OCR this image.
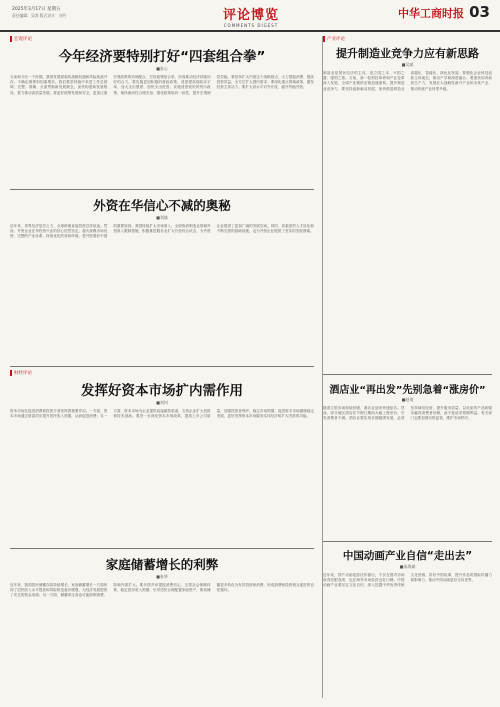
2025年3月17日 星期五
责任编辑：吴涛 版式设计：刘丹	评论博览
COMMENTS DIGEST
中华工商时报 03
宏观评论
今年经济要特别打好“四套组合拳”
■张心
当前和今后一个时期，我国发展面临的战略机遇和风险挑战并存，不确定难预料因素增多。我们要坚持稳中求进工作总基调，完整、准确、全面贯彻新发展理念，加快构建新发展格局，着力推动高质量发展。要更好统筹发展和安全，更加注重宏观政策的协调配合，打好政策组合拳，形成推动经济持续向好的合力。要实施更加积极的财政政策，适度提高财政赤字率，加大支出强度、加快支出进度；实施适度宽松的货币政策，保持流动性合理充裕；强化政策取向一致性，提升宏观调控效能。要坚持扩大内需这个战略基点，大力提振消费、提高投资效益，全方位扩大国内需求；要深化重点领域改革，激发经营主体活力；要扩大高水平对外开放，稳外贸稳外资。
外资在华信心不减的奥秘
■刘斌
近年来，世界经济复苏乏力，全球跨境直接投资总体低迷。然而，外资企业在华投资兴业的信心依然坚定。超大规模市场优势、完整的产业体系、持续优化的营商环境，是外资看好中国的重要原因。我国持续扩大市场准入，全面取消制造业领域外资准入限制措施，积极推进服务业扩大开放综合试点，为外资企业提供了更加广阔的发展空间。同时，高素质的人才队伍和不断完善的基础设施，也为外资企业提供了坚实的发展基础。
财经评论
发挥好资本市场扩内需作用
■刘钊
资本市场在促进消费和投资方面发挥着重要作用。一方面，资本市场通过财富效应提升居民收入预期，从而促进消费；另一方面，资本市场为企业提供直接融资渠道，支持企业扩大投资和技术创新。要进一步深化资本市场改革，提高上市公司质量，加强投资者保护，稳定市场预期，促进资本市场健康稳定发展，更好发挥资本市场服务实体经济和扩大内需的功能。
家庭储蓄增长的利弊
■张华
近年来，我国居民储蓄存款持续增长。家庭储蓄增长一方面体现了居民收入水平提高和风险防范意识增强，为经济发展提供了充足的资金来源；另一方面，储蓄率过高也可能抑制消费，影响内需扩大。要多措并举提振消费信心，完善社会保障体系，稳定居民收入预期，引导居民合理配置家庭资产，推动储蓄更多转化为有效投资和消费，形成消费和投资相互促进的良性循环。
产业评论
提升制造业竞争力应有新思路
■吴斌
制造业是国民经济的主体，是立国之本、兴国之器、强国之基。当前，新一轮科技革命和产业变革深入发展，全球产业链供应链加速重构。提升制造业竞争力，要坚持创新驱动发展，加快推进制造业高端化、智能化、绿色化发展；要强化企业科技创新主体地位，推动产学研深度融合；要加快培育新质生产力，发展壮大战略性新兴产业和未来产业，推动传统产业转型升级。
酒店业“再出发”先别急着“涨房价”
■赵琦
随着文旅市场持续回暖，酒店业迎来快速复苏。然而，部分地区酒店在节假日期间大幅上涨房价，引发消费者不满。酒店业要实现长期健康发展，必须坚持诚信经营，提升服务质量，以优质的产品和服务赢得消费者信赖，而不是追求短期利益。有关部门也要加强价格监管，维护市场秩序。
中国动画产业自信“走出去”
■朱海斌
近年来，国产动画电影佳作频出，不仅在国内市场取得亮眼成绩，也在海外市场收获良好口碑。中国动画产业要坚定文化自信，深入挖掘中华优秀传统文化资源，讲好中国故事，提升作品的国际传播力和影响力，推动中国动画更好走向世界。
